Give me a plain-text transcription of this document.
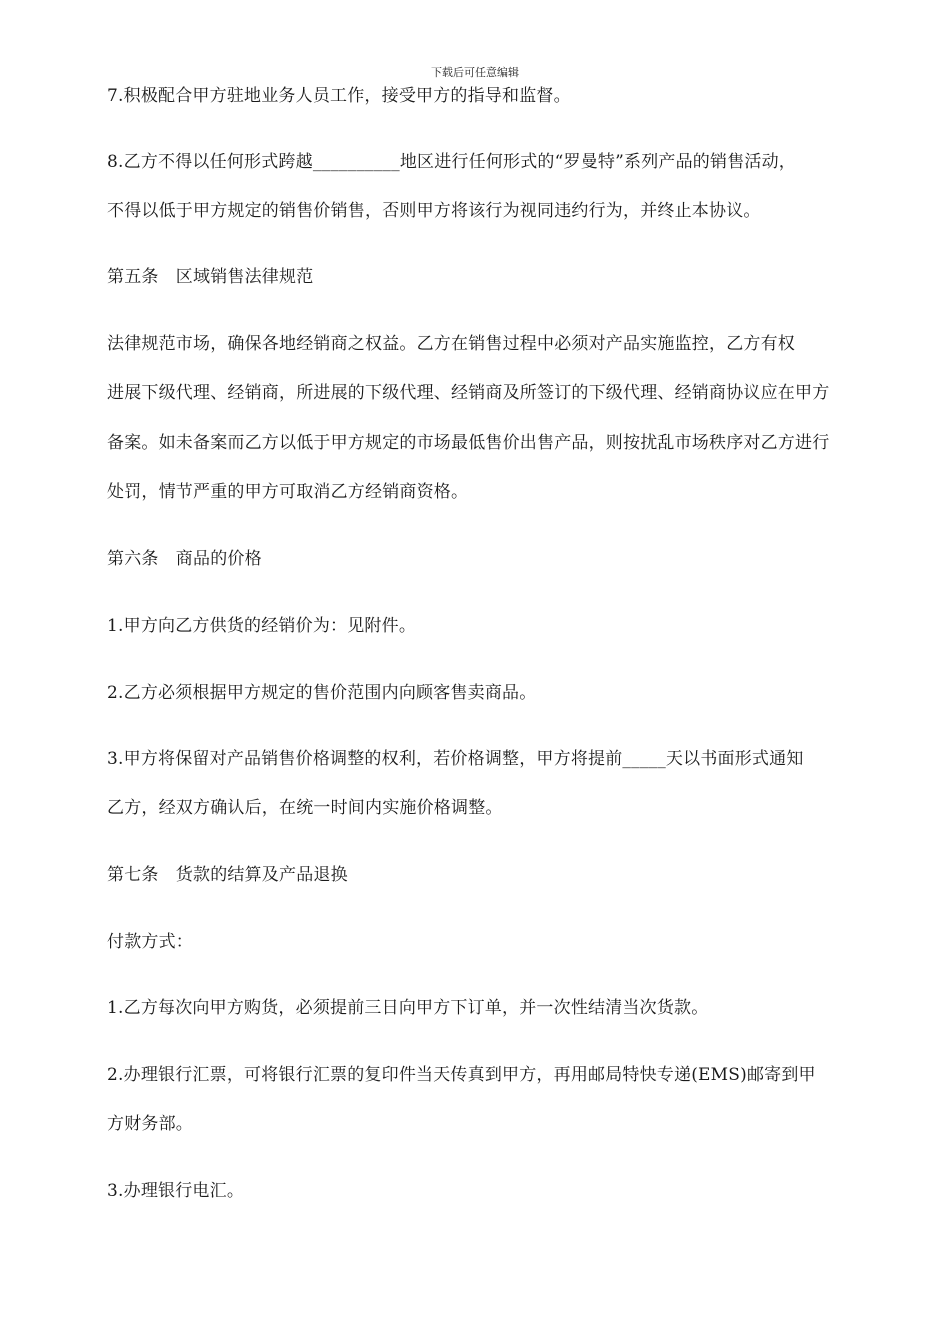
下载后可任意编辑
7.积极配合甲方驻地业务人员工作，接受甲方的指导和监督。
8.乙方不得以任何形式跨越__________地区进行任何形式的“罗曼特”系列产品的销售活动，
不得以低于甲方规定的销售价销售，否则甲方将该行为视同违约行为，并终止本协议。
第五条　区域销售法律规范
法律规范市场，确保各地经销商之权益。乙方在销售过程中必须对产品实施监控，乙方有权
进展下级代理、经销商，所进展的下级代理、经销商及所签订的下级代理、经销商协议应在甲方
备案。如未备案而乙方以低于甲方规定的市场最低售价出售产品，则按扰乱市场秩序对乙方进行
处罚，情节严重的甲方可取消乙方经销商资格。
第六条　商品的价格
1.甲方向乙方供货的经销价为：见附件。
2.乙方必须根据甲方规定的售价范围内向顾客售卖商品。
3.甲方将保留对产品销售价格调整的权利，若价格调整，甲方将提前_____天以书面形式通知
乙方，经双方确认后，在统一时间内实施价格调整。
第七条　货款的结算及产品退换
付款方式：
1.乙方每次向甲方购货，必须提前三日向甲方下订单，并一次性结清当次货款。
2.办理银行汇票，可将银行汇票的复印件当天传真到甲方，再用邮局特快专递(EMS)邮寄到甲
方财务部。
3.办理银行电汇。
